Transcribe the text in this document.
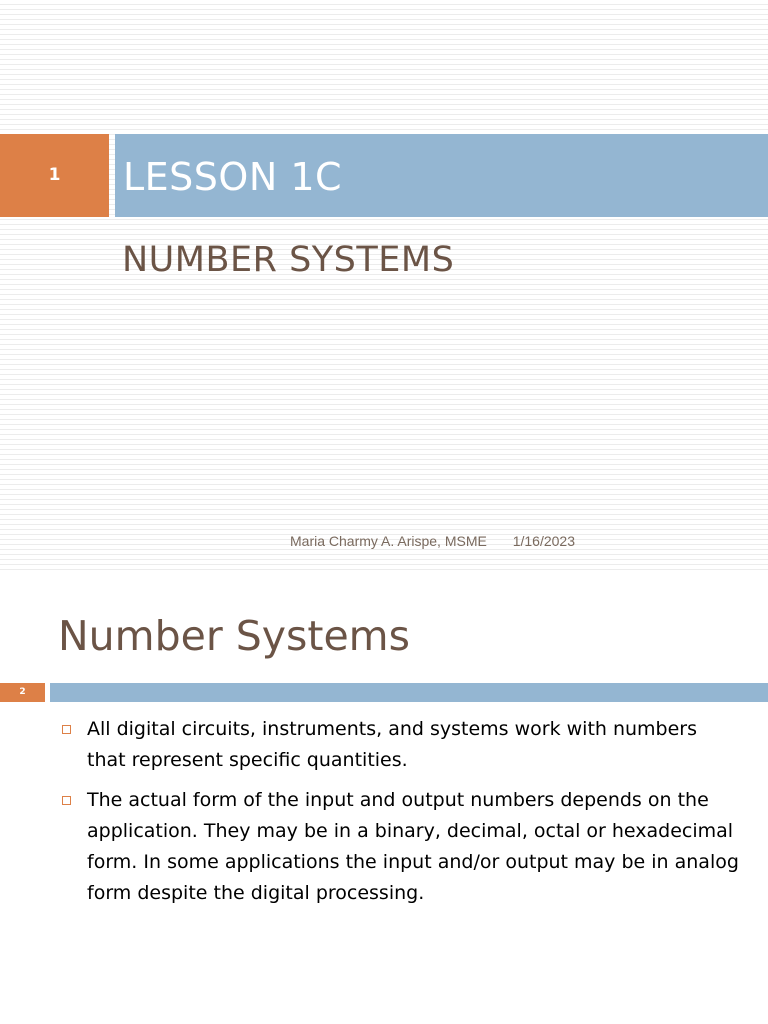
1	LESSON 1C
NUMBER SYSTEMS
Maria Charmy A. Arispe, MSME 1/16/2023
Number Systems
2
All digital circuits, instruments, and systems work with numbers that represent specific quantities.
The actual form of the input and output numbers depends on the application. They may be in a binary, decimal, octal or hexadecimal form. In some applications the input and/or output may be in analog form despite the digital processing.
